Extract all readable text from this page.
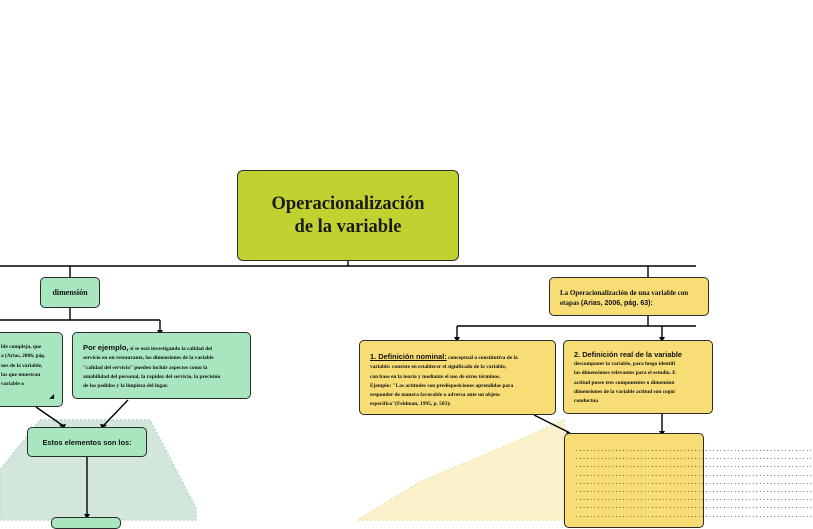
Operacionalización
de la variable
dimensión
ble compleja, que
a (Arias, 2006, pág.
nes de la variable,
las que muestran
variable o
◢
Por ejemplo, si se está investigando la calidad del
servicio en un restaurante, las dimensiones de la variable
"calidad del servicio" pueden incluir aspectos como la
amabilidad del personal, la rapidez del servicio, la precisión
de los pedidos y la limpieza del lugar.
Estos elementos son los:
La Operacionalización de una variable con
etapas (Arias, 2006, pág. 63):
1. Definición nominal: conceptual o constitutiva de la
variable: consiste en establecer el significado de la variable,
con base en la teoría y mediante el uso de otros términos.
Ejemplo: "Las actitudes son predisposiciones aprendidas para
responder de manera favorable o adversa ante un objeto
específico"(Feldman, 1995, p. 503);
2. Definición real de la variable
descomponer la variable, para luego identifi
las dimensiones relevantes para el estudio. E
actitud posee tres componentes o dimension
dimensiones de la variable actitud son cogni
conductua
..................................................................
..................................................................
..................................................................
..................................................................
..................................................................
..................................................................
..................................................................
..................................................................
..................................................................
